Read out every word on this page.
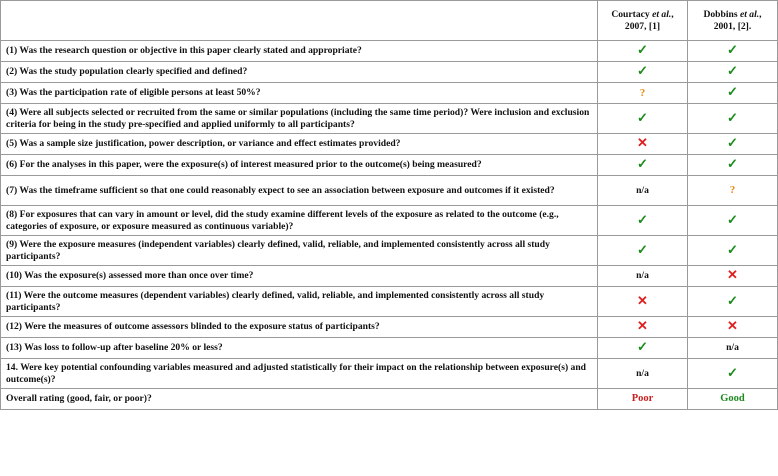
	Courtacy et al., 2007, [1]	Dobbins et al., 2001, [2].
(1) Was the research question or objective in this paper clearly stated and appropriate?	✓	✓
(2) Was the study population clearly specified and defined?	✓	✓
(3) Was the participation rate of eligible persons at least 50%?	?	✓
(4) Were all subjects selected or recruited from the same or similar populations (including the same time period)? Were inclusion and exclusion criteria for being in the study pre-specified and applied uniformly to all participants?	✓	✓
(5) Was a sample size justification, power description, or variance and effect estimates provided?	✕	✓
(6) For the analyses in this paper, were the exposure(s) of interest measured prior to the outcome(s) being measured?	✓	✓
(7) Was the timeframe sufficient so that one could reasonably expect to see an association between exposure and outcomes if it existed?	n/a	?
(8) For exposures that can vary in amount or level, did the study examine different levels of the exposure as related to the outcome (e.g., categories of exposure, or exposure measured as continuous variable)?	✓	✓
(9) Were the exposure measures (independent variables) clearly defined, valid, reliable, and implemented consistently across all study participants?	✓	✓
(10) Was the exposure(s) assessed more than once over time?	n/a	✕
(11) Were the outcome measures (dependent variables) clearly defined, valid, reliable, and implemented consistently across all study participants?	✕	✓
(12) Were the measures of outcome assessors blinded to the exposure status of participants?	✕	✕
(13) Was loss to follow-up after baseline 20% or less?	✓	n/a
14. Were key potential confounding variables measured and adjusted statistically for their impact on the relationship between exposure(s) and outcome(s)?	n/a	✓
Overall rating (good, fair, or poor)?	Poor	Good
